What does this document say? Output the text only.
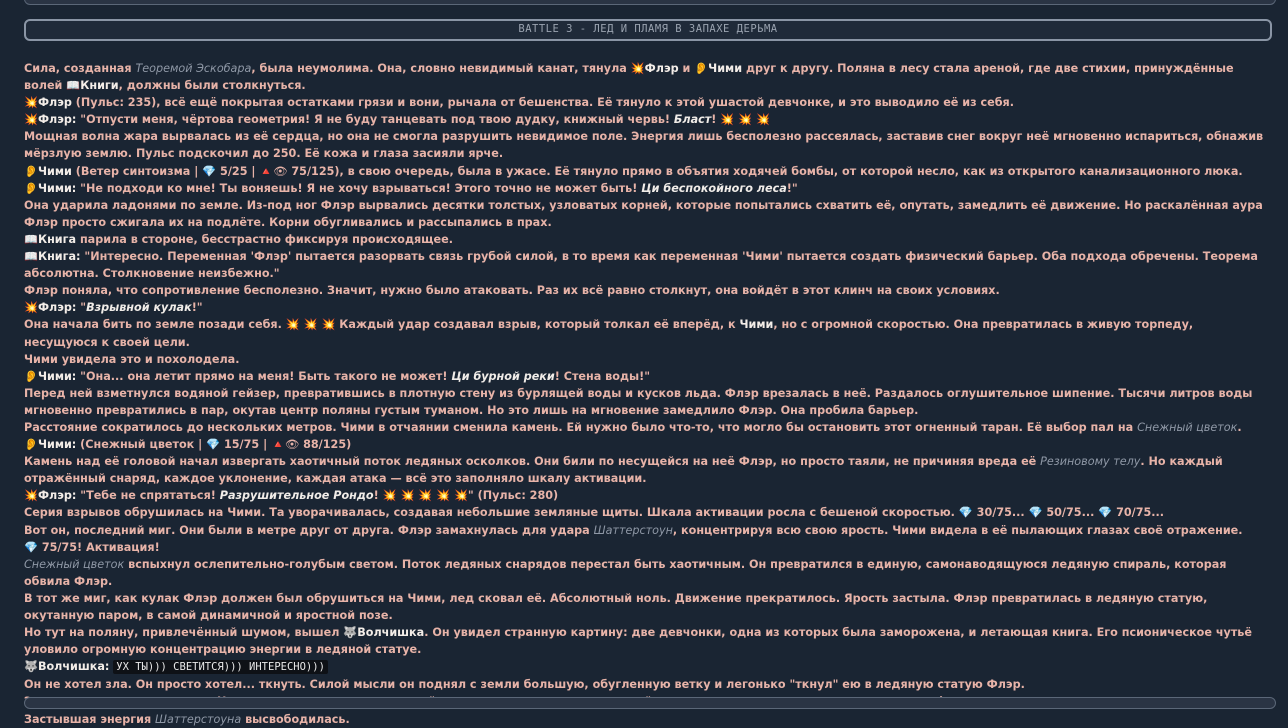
BATTLE 3 - ЛЕД И ПЛАМЯ В ЗАПАХЕ ДЕРЬМА

Сила, созданная Теоремой Эскобара, была неумолима. Она, словно невидимый канат, тянула 💥Флэр и 👂Чими друг к другу. Поляна в лесу стала ареной, где две стихии, принуждённые волей 📖Книги, должны были столкнуться.

💥Флэр (Пульс: 235), всё ещё покрытая остатками грязи и вони, рычала от бешенства. Её тянуло к этой ушастой девчонке, и это выводило её из себя.

💥Флэр: "Отпусти меня, чёртова геометрия! Я не буду танцевать под твою дудку, книжный червь! Бласт! 💥 💥 💥

Мощная волна жара вырвалась из её сердца, но она не смогла разрушить невидимое поле. Энергия лишь бесполезно рассеялась, заставив снег вокруг неё мгновенно испариться, обнажив мёрзлую землю. Пульс подскочил до 250. Её кожа и глаза засияли ярче.

👂Чими (Ветер синтоизма | 💎 5/25 | 🔺👁 75/125), в свою очередь, была в ужасе. Её тянуло прямо в объятия ходячей бомбы, от которой несло, как из открытого канализационного люка.

👂Чими: "Не подходи ко мне! Ты воняешь! Я не хочу взрываться! Этого точно не может быть! Ци беспокойного леса!"

Она ударила ладонями по земле. Из-под ног Флэр вырвались десятки толстых, узловатых корней, которые попытались схватить её, опутать, замедлить её движение. Но раскалённая аура Флэр просто сжигала их на подлёте. Корни обугливались и рассыпались в прах.

📖Книга парила в стороне, бесстрастно фиксируя происходящее.

📖Книга: "Интересно. Переменная 'Флэр' пытается разорвать связь грубой силой, в то время как переменная 'Чими' пытается создать физический барьер. Оба подхода обречены. Теорема абсолютна. Столкновение неизбежно."

Флэр поняла, что сопротивление бесполезно. Значит, нужно было атаковать. Раз их всё равно столкнут, она войдёт в этот клинч на своих условиях.

💥Флэр: "Взрывной кулак!"

Она начала бить по земле позади себя. 💥 💥 💥 Каждый удар создавал взрыв, который толкал её вперёд, к Чими, но с огромной скоростью. Она превратилась в живую торпеду, несущуюся к своей цели.

Чими увидела это и похолодела.

👂Чими: "Она... она летит прямо на меня! Быть такого не может! Ци бурной реки! Стена воды!"

Перед ней взметнулся водяной гейзер, превратившись в плотную стену из бурлящей воды и кусков льда. Флэр врезалась в неё. Раздалось оглушительное шипение. Тысячи литров воды мгновенно превратились в пар, окутав центр поляны густым туманом. Но это лишь на мгновение замедлило Флэр. Она пробила барьер.

Расстояние сократилось до нескольких метров. Чими в отчаянии сменила камень. Ей нужно было что-то, что могло бы остановить этот огненный таран. Её выбор пал на Снежный цветок.

👂Чими: (Снежный цветок | 💎 15/75 | 🔺👁 88/125)

Камень над её головой начал извергать хаотичный поток ледяных осколков. Они били по несущейся на неё Флэр, но просто таяли, не причиняя вреда её Резиновому телу. Но каждый отражённый снаряд, каждое уклонение, каждая атака — всё это заполняло шкалу активации.

💥Флэр: "Тебе не спрятаться! Разрушительное Рондо! 💥 💥 💥 💥 💥" (Пульс: 280)

Серия взрывов обрушилась на Чими. Та уворачивалась, создавая небольшие земляные щиты. Шкала активации росла с бешеной скоростью. 💎 30/75... 💎 50/75... 💎 70/75...

Вот он, последний миг. Они были в метре друг от друга. Флэр замахнулась для удара Шаттерстоун, концентрируя всю свою ярость. Чими видела в её пылающих глазах своё отражение.

💎 75/75! Активация!

Снежный цветок вспыхнул ослепительно-голубым светом. Поток ледяных снарядов перестал быть хаотичным. Он превратился в единую, самонаводящуюся ледяную спираль, которая обвила Флэр.

В тот же миг, как кулак Флэр должен был обрушиться на Чими, лед сковал её. Абсолютный ноль. Движение прекратилось. Ярость застыла. Флэр превратилась в ледяную статую, окутанную паром, в самой динамичной и яростной позе.

Но тут на поляну, привлечённый шумом, вышел 🐺Волчишка. Он увидел странную картину: две девчонки, одна из которых была заморожена, и летающая книга. Его псионическое чутьё уловило огромную концентрацию энергии в ледяной статуе.

🐺Волчишка: УХ ТЫ))) СВЕТИТСЯ))) ИНТЕРЕСНО)))

Он не хотел зла. Он просто хотел... ткнуть. Силой мысли он поднял с земли большую, обугленную ветку и легонько "ткнул" ею в ледяную статую Флэр.

Застывшая энергия Шаттерстоуна высвободилась.
